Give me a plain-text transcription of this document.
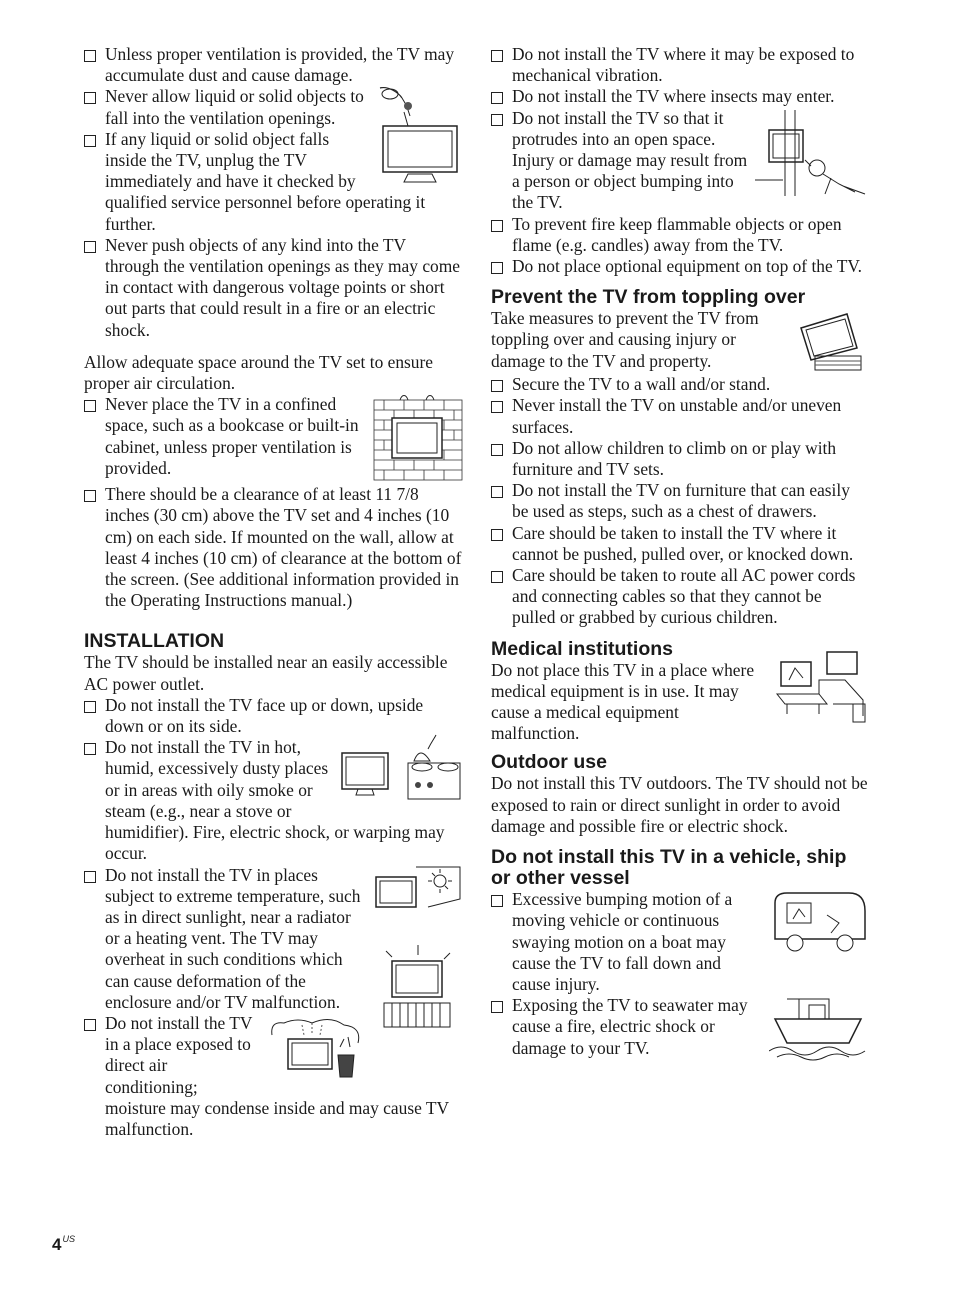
Unless proper ventilation is provided, the TV may accumulate dust and cause damage.
Never allow liquid or solid objects to fall into the ventilation openings.
If any liquid or solid object falls inside the TV, unplug the TV immediately and have it checked by qualified service personnel before operating it further.
Never push objects of any kind into the TV through the ventilation openings as they may come in contact with dangerous voltage points or short out parts that could result in a fire or an electric shock.

Allow adequate space around the TV set to ensure proper air circulation.

Never place the TV in a confined space, such as a bookcase or built-in cabinet, unless proper ventilation is provided.
There should be a clearance of at least 11 7/8 inches (30 cm) above the TV set and 4 inches (10 cm) on each side. If mounted on the wall, allow at least 4 inches (10 cm) of clearance at the bottom of the screen. (See additional information provided in the Operating Instructions manual.)

INSTALLATION

The TV should be installed near an easily accessible AC power outlet.

Do not install the TV face up or down, upside down or on its side.
Do not install the TV in hot, humid, excessively dusty places or in areas with oily smoke or steam (e.g., near a stove or humidifier). Fire, electric shock, or warping may occur.
Do not install the TV in places subject to extreme temperature, such as in direct sunlight, near a radiator or a heating vent. The TV may overheat in such conditions which can cause deformation of the enclosure and/or TV malfunction.
Do not install the TV in a place exposed to direct air conditioning; moisture may condense inside and may cause TV malfunction.
Do not install the TV where it may be exposed to mechanical vibration.
Do not install the TV where insects may enter.
Do not install the TV so that it protrudes into an open space. Injury or damage may result from a person or object bumping into the TV.
To prevent fire keep flammable objects or open flame (e.g. candles) away from the TV.
Do not place optional equipment on top of the TV.

Prevent the TV from toppling over

Take measures to prevent the TV from toppling over and causing injury or damage to the TV and property.

Secure the TV to a wall and/or stand.
Never install the TV on unstable and/or uneven surfaces.
Do not allow children to climb on or play with furniture and TV sets.
Do not install the TV on furniture that can easily be used as steps, such as a chest of drawers.
Care should be taken to install the TV where it cannot be pushed, pulled over, or knocked down.
Care should be taken to route all AC power cords and connecting cables so that they cannot be pulled or grabbed by curious children.

Medical institutions

Do not place this TV in a place where medical equipment is in use. It may cause a medical equipment malfunction.

Outdoor use

Do not install this TV outdoors. The TV should not be exposed to rain or direct sunlight in order to avoid damage and possible fire or electric shock.

Do not install this TV in a vehicle, ship or other vessel

Excessive bumping motion of a moving vehicle or continuous swaying motion on a boat may cause the TV to fall down and cause injury.
Exposing the TV to seawater may cause a fire, electric shock or damage to your TV.
$4^{US}$
